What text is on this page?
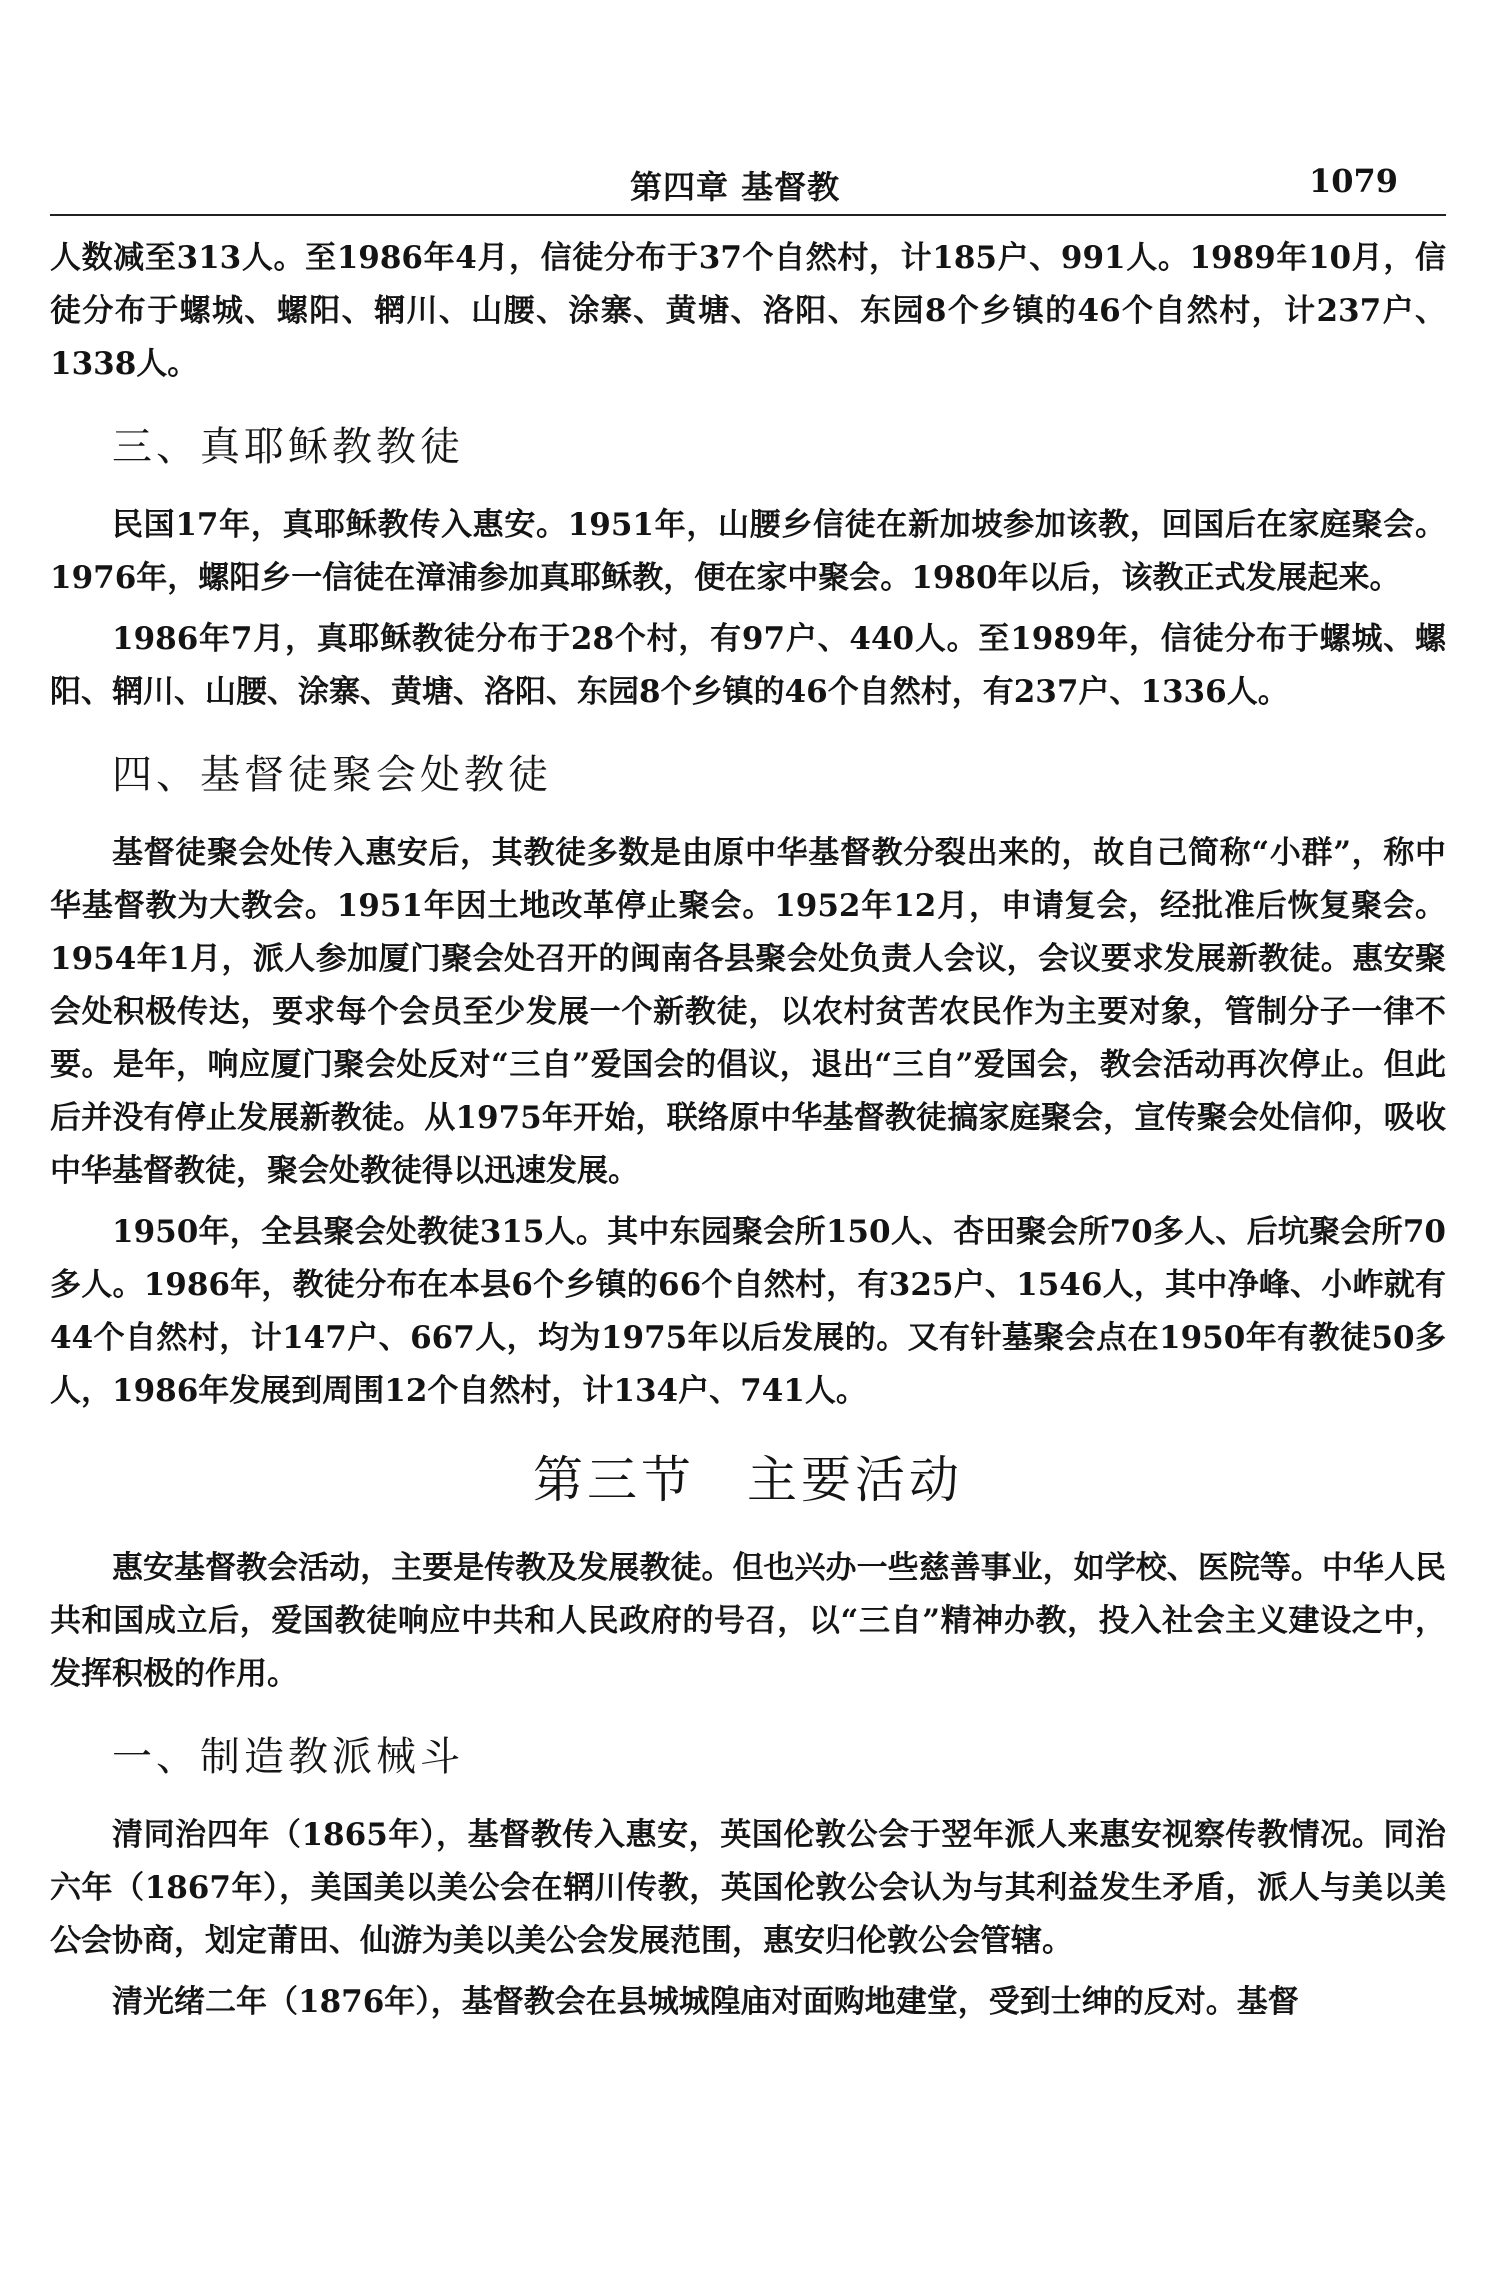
第四章 基督教	1079

人数减至313人。至1986年4月，信徒分布于37个自然村，计185户、991人。1989年10月，信徒分布于螺城、螺阳、辋川、山腰、涂寨、黄塘、洛阳、东园8个乡镇的46个自然村，计237户、1338人。

三、真耶稣教教徒

民国17年，真耶稣教传入惠安。1951年，山腰乡信徒在新加坡参加该教，回国后在家庭聚会。1976年，螺阳乡一信徒在漳浦参加真耶稣教，便在家中聚会。1980年以后，该教正式发展起来。

1986年7月，真耶稣教徒分布于28个村，有97户、440人。至1989年，信徒分布于螺城、螺阳、辋川、山腰、涂寨、黄塘、洛阳、东园8个乡镇的46个自然村，有237户、1336人。

四、基督徒聚会处教徒

基督徒聚会处传入惠安后，其教徒多数是由原中华基督教分裂出来的，故自己简称“小群”，称中华基督教为大教会。1951年因土地改革停止聚会。1952年12月，申请复会，经批准后恢复聚会。1954年1月，派人参加厦门聚会处召开的闽南各县聚会处负责人会议，会议要求发展新教徒。惠安聚会处积极传达，要求每个会员至少发展一个新教徒，以农村贫苦农民作为主要对象，管制分子一律不要。是年，响应厦门聚会处反对“三自”爱国会的倡议，退出“三自”爱国会，教会活动再次停止。但此后并没有停止发展新教徒。从1975年开始，联络原中华基督教徒搞家庭聚会，宣传聚会处信仰，吸收中华基督教徒，聚会处教徒得以迅速发展。

1950年，全县聚会处教徒315人。其中东园聚会所150人、杏田聚会所70多人、后坑聚会所70多人。1986年，教徒分布在本县6个乡镇的66个自然村，有325户、1546人，其中净峰、小岞就有44个自然村，计147户、667人，均为1975年以后发展的。又有针墓聚会点在1950年有教徒50多人，1986年发展到周围12个自然村，计134户、741人。

第三节 主要活动

惠安基督教会活动，主要是传教及发展教徒。但也兴办一些慈善事业，如学校、医院等。中华人民共和国成立后，爱国教徒响应中共和人民政府的号召，以“三自”精神办教，投入社会主义建设之中，发挥积极的作用。

一、制造教派械斗

清同治四年（1865年），基督教传入惠安，英国伦敦公会于翌年派人来惠安视察传教情况。同治六年（1867年），美国美以美公会在辋川传教，英国伦敦公会认为与其利益发生矛盾，派人与美以美公会协商，划定莆田、仙游为美以美公会发展范围，惠安归伦敦公会管辖。

清光绪二年（1876年），基督教会在县城城隍庙对面购地建堂，受到士绅的反对。基督
